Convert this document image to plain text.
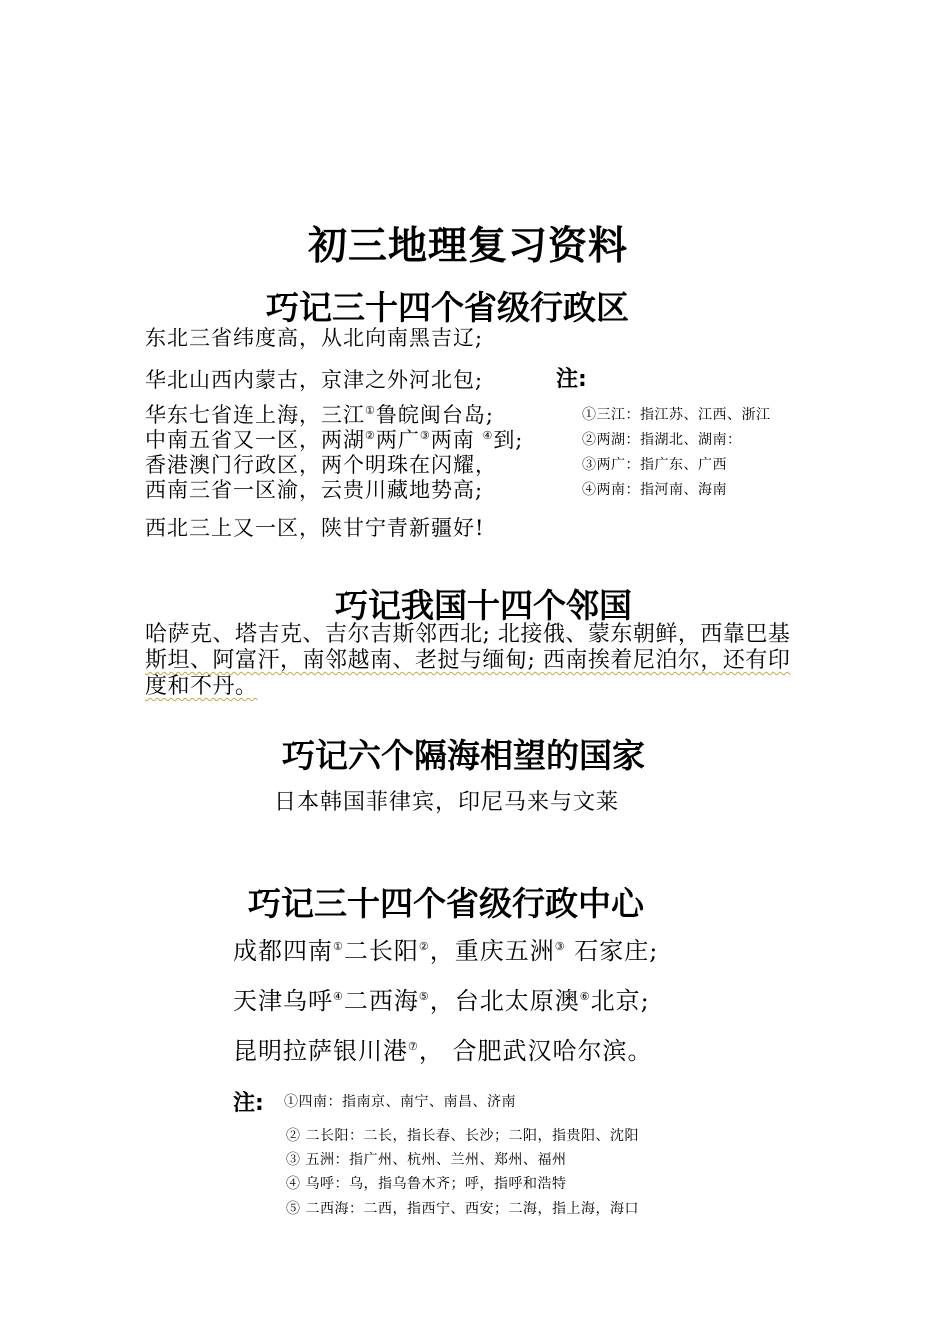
初三地理复习资料
巧记三十四个省级行政区
东北三省纬度高，从北向南黑吉辽;
华北山西内蒙古，京津之外河北包;
华东七省连上海，三江①鲁皖闽台岛;
中南五省又一区，两湖②两广③两南 ④到;
香港澳门行政区，两个明珠在闪耀，
西南三省一区渝，云贵川藏地势高;
西北三上又一区，陕甘宁青新疆好!
注:
①三江：指江苏、江西、浙江
②两湖：指湖北、湖南：
③两广：指广东、广西
④两南：指河南、海南
巧记我国十四个邻国
哈萨克、塔吉克、吉尔吉斯邻西北; 北接俄、蒙东朝鲜，西靠巴基
斯坦、阿富汗，南邻越南、老挝与缅甸; 西南挨着尼泊尔，还有印
度和不丹。
巧记六个隔海相望的国家
日本韩国菲律宾，印尼马来与文莱
巧记三十四个省级行政中心
成都四南①二长阳②，重庆五洲③ 石家庄;
天津乌呼④二西海⑤，台北太原澳⑥北京;
昆明拉萨银川港⑦， 合肥武汉哈尔滨。
注: ①四南：指南京、南宁、南昌、济南
② 二长阳：二长，指长春、长沙；二阳，指贵阳、沈阳
③ 五洲：指广州、杭州、兰州、郑州、福州
④ 乌呼：乌，指乌鲁木齐；呼，指呼和浩特
⑤ 二西海：二西，指西宁、西安；二海，指上海，海口
